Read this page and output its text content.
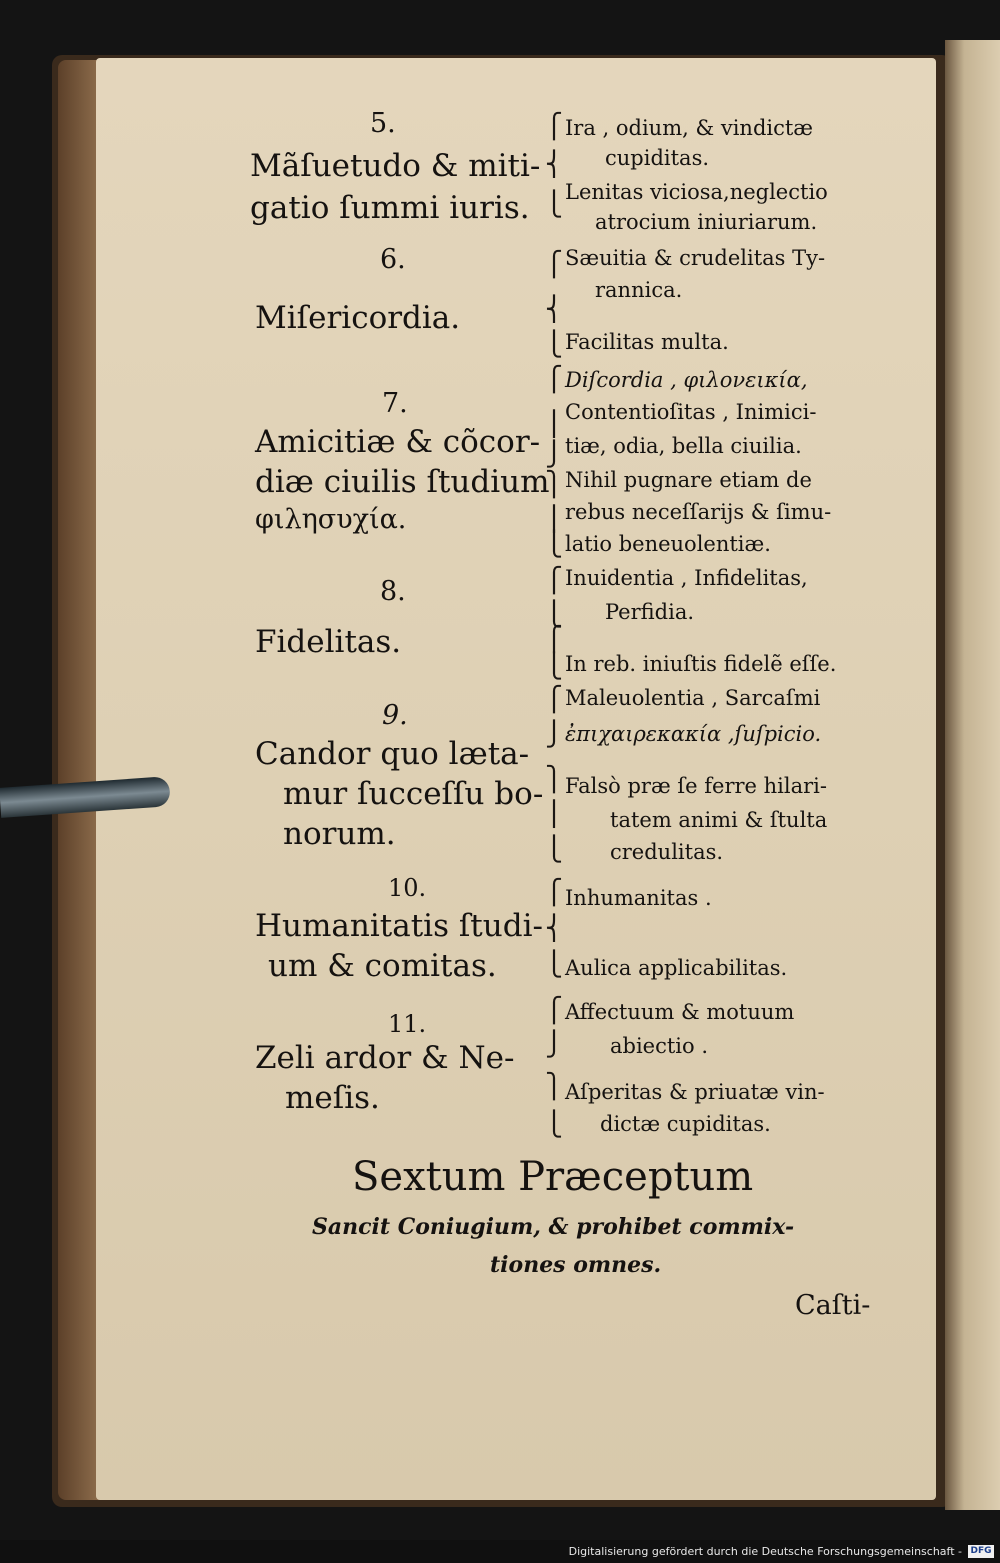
5.
Mãſuetudo & miti-
gatio ſummi iuris.
⎧
⎨
⎩
Ira , odium, & vindictæ
cupiditas.
Lenitas viciosa,neglectio
atrocium iniuriarum.
6.
Miſericordia.
⎧
⎨
⎩
Sæuitia & crudelitas Ty-
rannica.
Facilitas multa.
7.
Amicitiæ & cõcor-
diæ ciuilis ſtudium
φιλησυχία.
⎧
⎪
⎭
⎫
⎪
⎩
Diſcordia , φιλονεικία,
Contentioſitas , Inimici-
tiæ, odia, bella ciuilia.
Nihil pugnare etiam de
rebus neceſſarijs & ſimu-
latio beneuolentiæ.
8.
Fidelitas.
⎧
⎩
⎧
⎩
Inuidentia , Infidelitas,
Perfidia.
In reb. iniuſtis fidelẽ eſſe.
9.
Candor quo læta-
mur ſucceſſu bo-
norum.
⎧
⎭
⎫
⎪
⎩
Maleuolentia , Sarcaſmi
ἐπιχαιρεκακία ,ſuſpicio.
Falsò præ ſe ferre hilari-
tatem animi & ſtulta
credulitas.
10.
Humanitatis ſtudi-
um & comitas.
⎧
⎨
⎩
Inhumanitas .
Aulica applicabilitas.
11.
Zeli ardor & Ne-
meſis.
⎧
⎭
⎫
⎩
Affectuum & motuum
abiectio .
Aſperitas & priuatæ vin-
dictæ cupiditas.
Sextum Præceptum
Sancit Coniugium, & prohibet commix-
tiones omnes.
Caſti-
Digitalisierung gefördert durch die Deutsche Forschungsgemeinschaft - DFG
